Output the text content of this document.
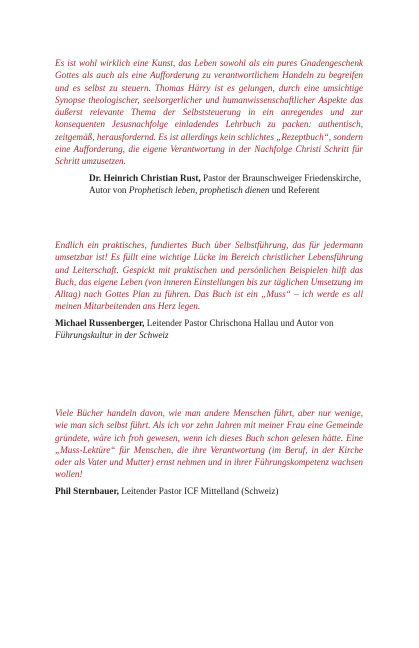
Es ist wohl wirklich eine Kunst, das Leben sowohl als ein pures Gnadengeschenk Gottes als auch als eine Aufforderung zu verantwortlichem Handeln zu begreifen und es selbst zu steuern. Thomas Härry ist es gelungen, durch eine umsichtige Synopse theologischer, seelsorgerlicher und humanwissenschaftlicher Aspekte das äußerst relevante Thema der Selbststeuerung in ein anregendes und zur konsequenten Jesusnachfolge einladendes Lehrbuch zu packen: authentisch, zeitgemäß, herausfordernd. Es ist allerdings kein schlichtes „Rezeptbuch“, sondern eine Aufforderung, die eigene Verantwortung in der Nachfolge Christi Schritt für Schritt umzusetzen.

Dr. Heinrich Christian Rust, Pastor der Braunschweiger Friedenskirche, Autor von Prophetisch leben, prophetisch dienen und Referent

Endlich ein praktisches, fundiertes Buch über Selbstführung, das für jedermann umsetzbar ist! Es füllt eine wichtige Lücke im Bereich christlicher Lebensführung und Leiterschaft. Gespickt mit praktischen und persönlichen Beispielen hilft das Buch, das eigene Leben (von inneren Einstellungen bis zur täglichen Umsetzung im Alltag) nach Gottes Plan zu führen. Das Buch ist ein „Muss“ – ich werde es all meinen Mitarbeitenden ans Herz legen.

Michael Russenberger, Leitender Pastor Chrischona Hallau und Autor von Führungskultur in der Schweiz

Viele Bücher handeln davon, wie man andere Menschen führt, aber nur wenige, wie man sich selbst führt. Als ich vor zehn Jahren mit meiner Frau eine Gemeinde gründete, wäre ich froh gewesen, wenn ich dieses Buch schon gelesen hätte. Eine „Muss-Lektüre“ für Menschen, die ihre Verantwortung (im Beruf, in der Kirche oder als Vater und Mutter) ernst nehmen und in ihrer Führungskompetenz wachsen wollen!

Phil Sternbauer, Leitender Pastor ICF Mittelland (Schweiz)
